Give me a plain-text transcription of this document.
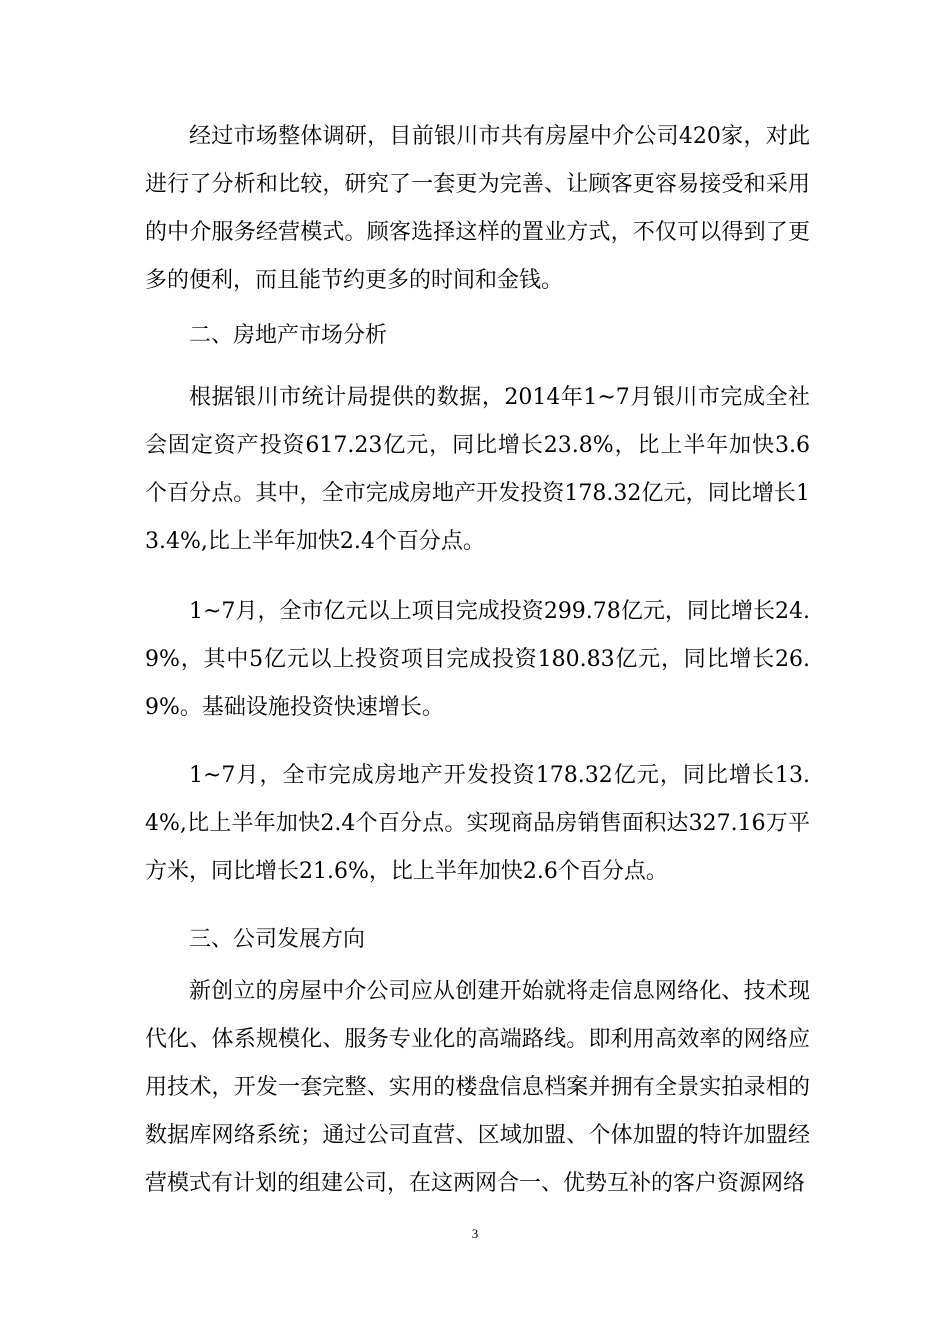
经过市场整体调研，目前银川市共有房屋中介公司420家，对此进行了分析和比较，研究了一套更为完善、让顾客更容易接受和采用的中介服务经营模式。顾客选择这样的置业方式，不仅可以得到了更多的便利，而且能节约更多的时间和金钱。

二、房地产市场分析

根据银川市统计局提供的数据，2014年1~7月银川市完成全社会固定资产投资617.23亿元，同比增长23.8%，比上半年加快3.6个百分点。其中，全市完成房地产开发投资178.32亿元，同比增长13.4%,比上半年加快2.4个百分点。

1~7月，全市亿元以上项目完成投资299.78亿元，同比增长24.9%，其中5亿元以上投资项目完成投资180.83亿元，同比增长26.9%。基础设施投资快速增长。

1~7月，全市完成房地产开发投资178.32亿元，同比增长13.4%,比上半年加快2.4个百分点。实现商品房销售面积达327.16万平方米，同比增长21.6%，比上半年加快2.6个百分点。

三、公司发展方向

新创立的房屋中介公司应从创建开始就将走信息网络化、技术现代化、体系规模化、服务专业化的高端路线。即利用高效率的网络应用技术，开发一套完整、实用的楼盘信息档案并拥有全景实拍录相的数据库网络系统；通过公司直营、区域加盟、个体加盟的特许加盟经营模式有计划的组建公司，在这两网合一、优势互补的客户资源网络

3
